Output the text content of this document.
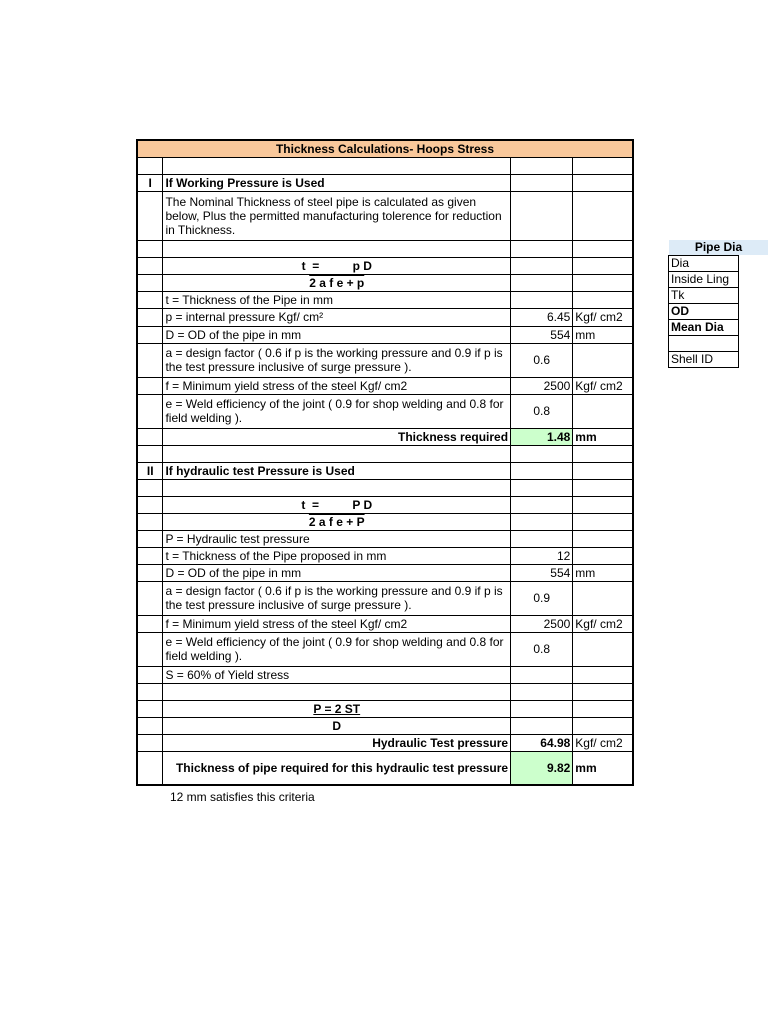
Thickness Calculations- Hoops Stress			

I	If Working Pressure is Used		
	The Nominal Thickness of steel pipe is calculated as given below, Plus the permitted manufacturing tolerence for reduction in Thickness.		

	t  =          p D		
	2 a f e + p		
	t = Thickness of the Pipe in mm		
	p = internal pressure Kgf/ cm²	6.45	Kgf/ cm2
	D = OD of the pipe in mm	554	mm
	a = design factor ( 0.6 if p is the working pressure and 0.9 if p is the test pressure inclusive of surge pressure ).	0.6	
	f = Minimum yield stress of the steel Kgf/ cm2	2500	Kgf/ cm2
	e = Weld efficiency of the joint ( 0.9 for shop welding and 0.8 for field welding ).	0.8	
	Thickness required	1.48	mm

II	If hydraulic test Pressure is Used		

	t  =          P D		
	2 a f e + P		
	P = Hydraulic test pressure		
	t = Thickness of the Pipe proposed in mm	12	
	D = OD of the pipe in mm	554	mm
	a = design factor ( 0.6 if p is the working pressure and 0.9 if p is the test pressure inclusive of surge pressure ).	0.9	
	f = Minimum yield stress of the steel Kgf/ cm2	2500	Kgf/ cm2
	e = Weld efficiency of the joint ( 0.9 for shop welding and 0.8 for field welding ).	0.8	
	S = 60% of Yield stress		

	P = 2 ST		
	D		
	Hydraulic Test pressure	64.98	Kgf/ cm2
	Thickness of pipe required for this hydraulic test pressure	9.82	mm
12 mm satisfies this criteria
Pipe Dia	
Dia	
Inside Ling	
Tk	
OD	
Mean Dia	

Shell ID	
